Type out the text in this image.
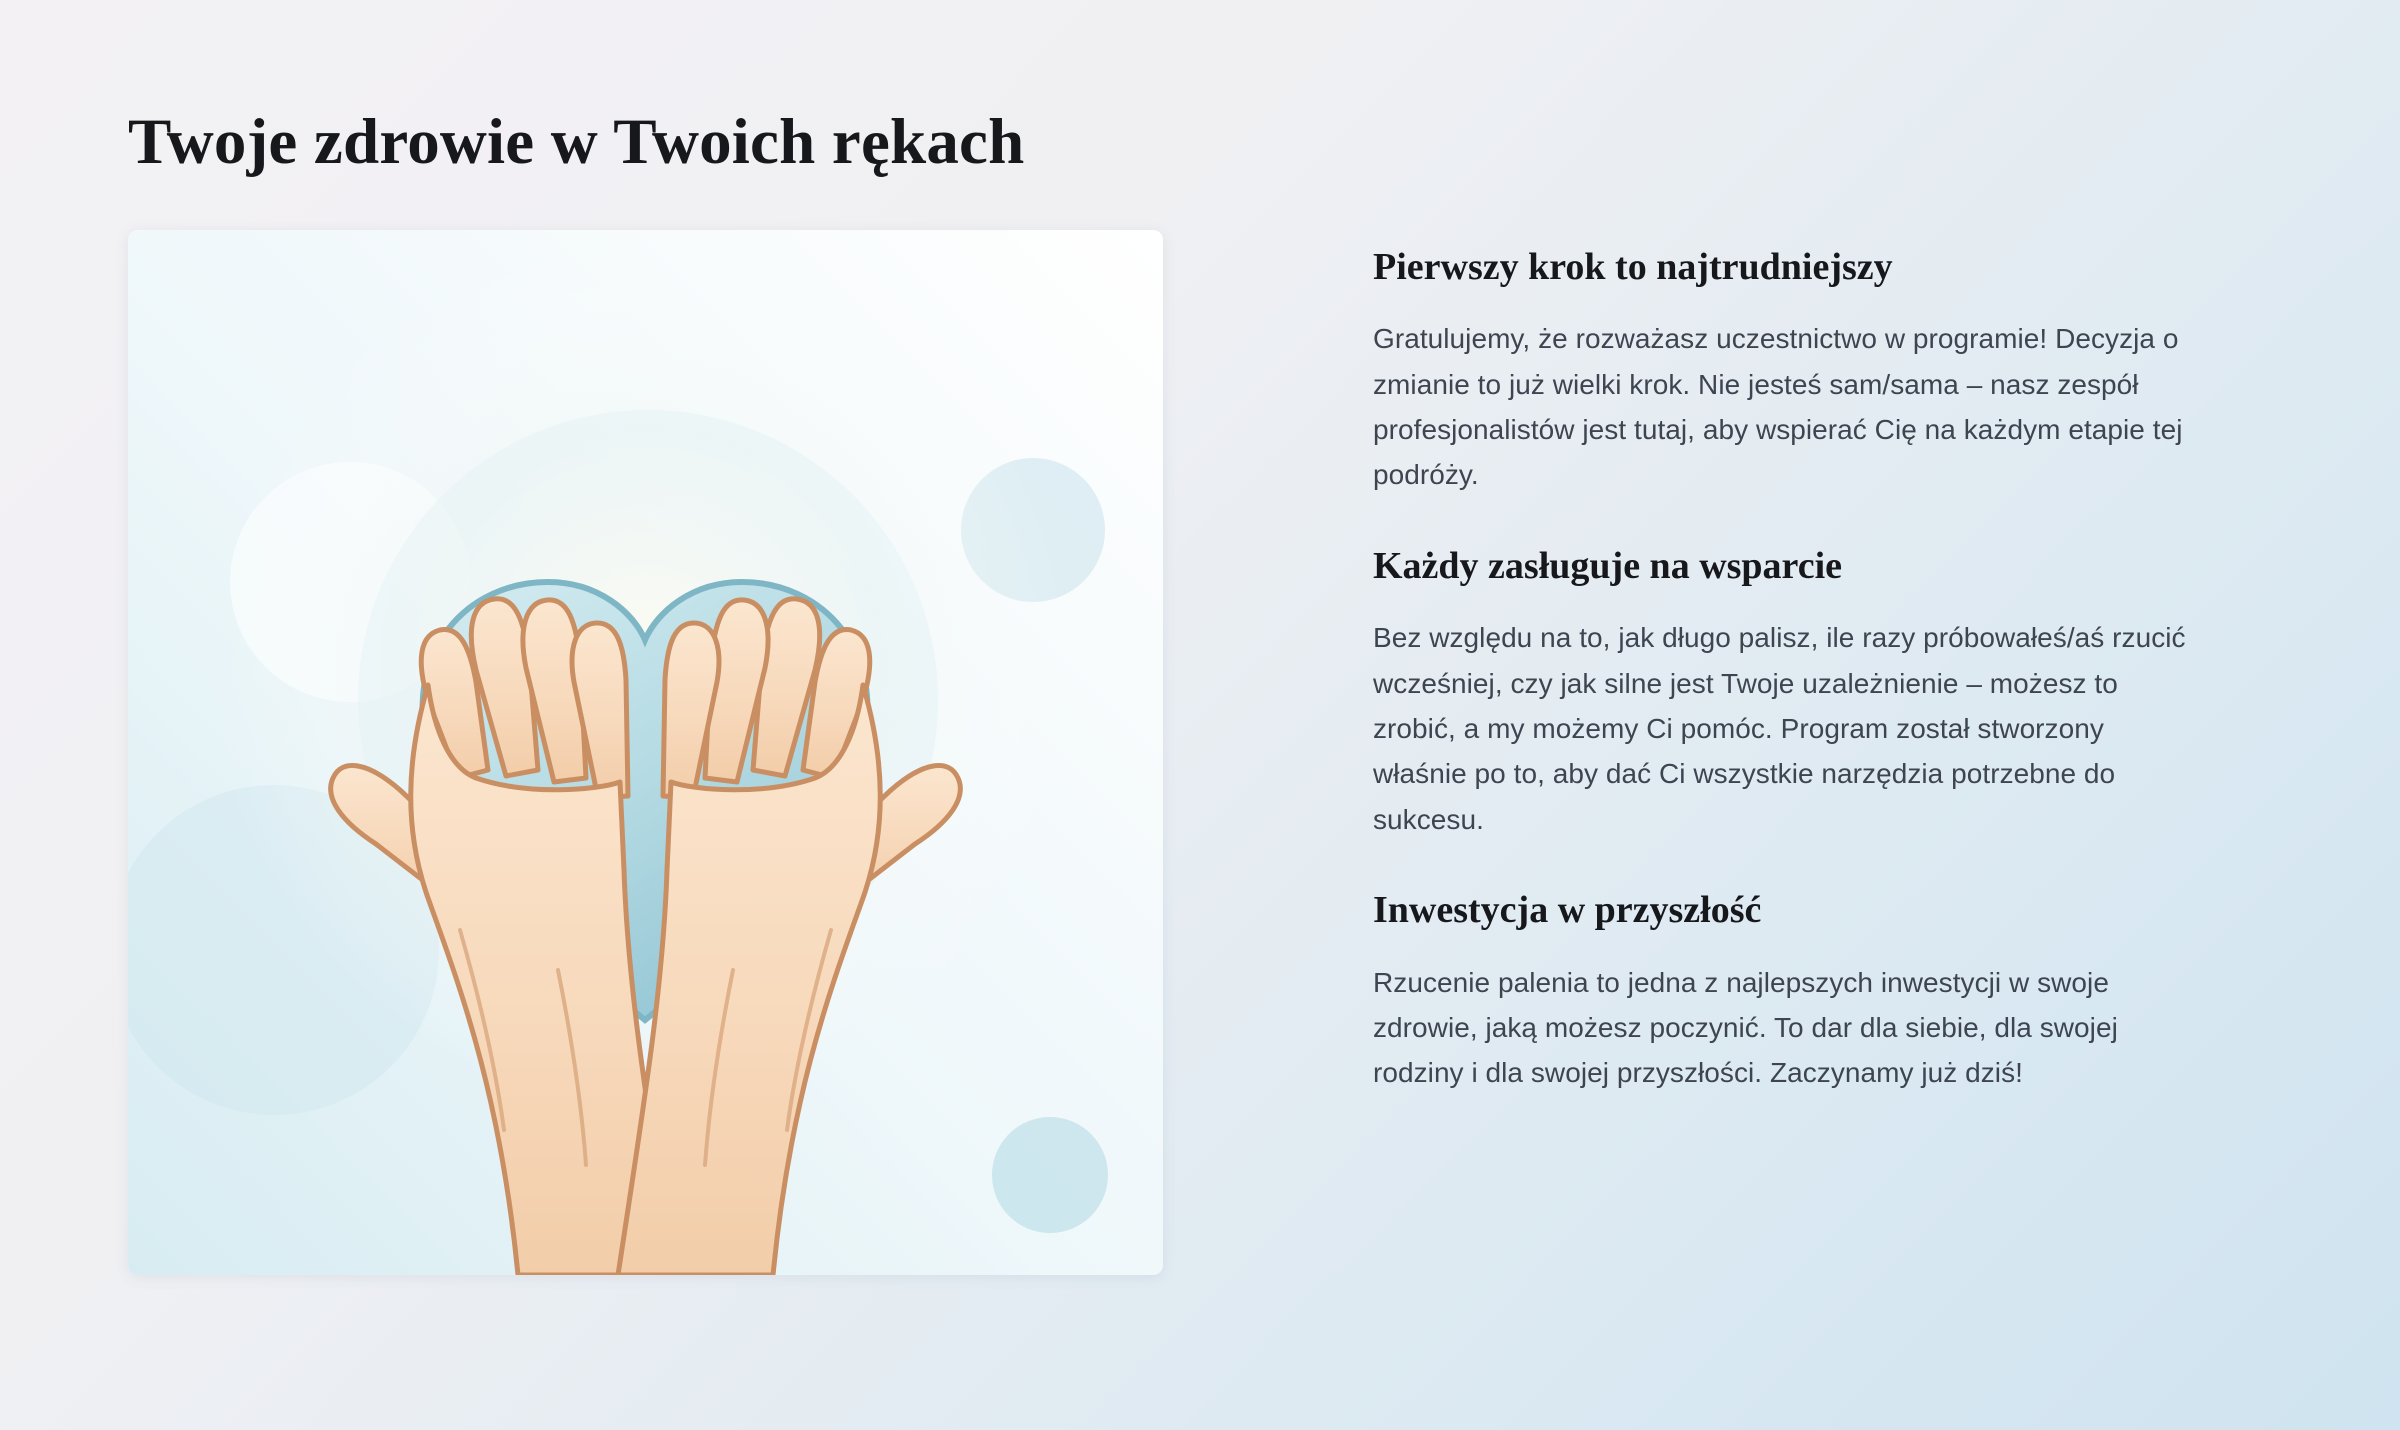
Twoje zdrowie w Twoich rękach
Pierwszy krok to najtrudniejszy

Gratulujemy, że rozważasz uczestnictwo w programie! Decyzja o zmianie to już wielki krok. Nie jesteś sam/sama – nasz zespół profesjonalistów jest tutaj, aby wspierać Cię na każdym etapie tej podróży.

Każdy zasługuje na wsparcie

Bez względu na to, jak długo palisz, ile razy próbowałeś/aś rzucić wcześniej, czy jak silne jest Twoje uzależnienie – możesz to zrobić, a my możemy Ci pomóc. Program został stworzony właśnie po to, aby dać Ci wszystkie narzędzia potrzebne do sukcesu.

Inwestycja w przyszłość

Rzucenie palenia to jedna z najlepszych inwestycji w swoje zdrowie, jaką możesz poczynić. To dar dla siebie, dla swojej rodziny i dla swojej przyszłości. Zaczynamy już dziś!
